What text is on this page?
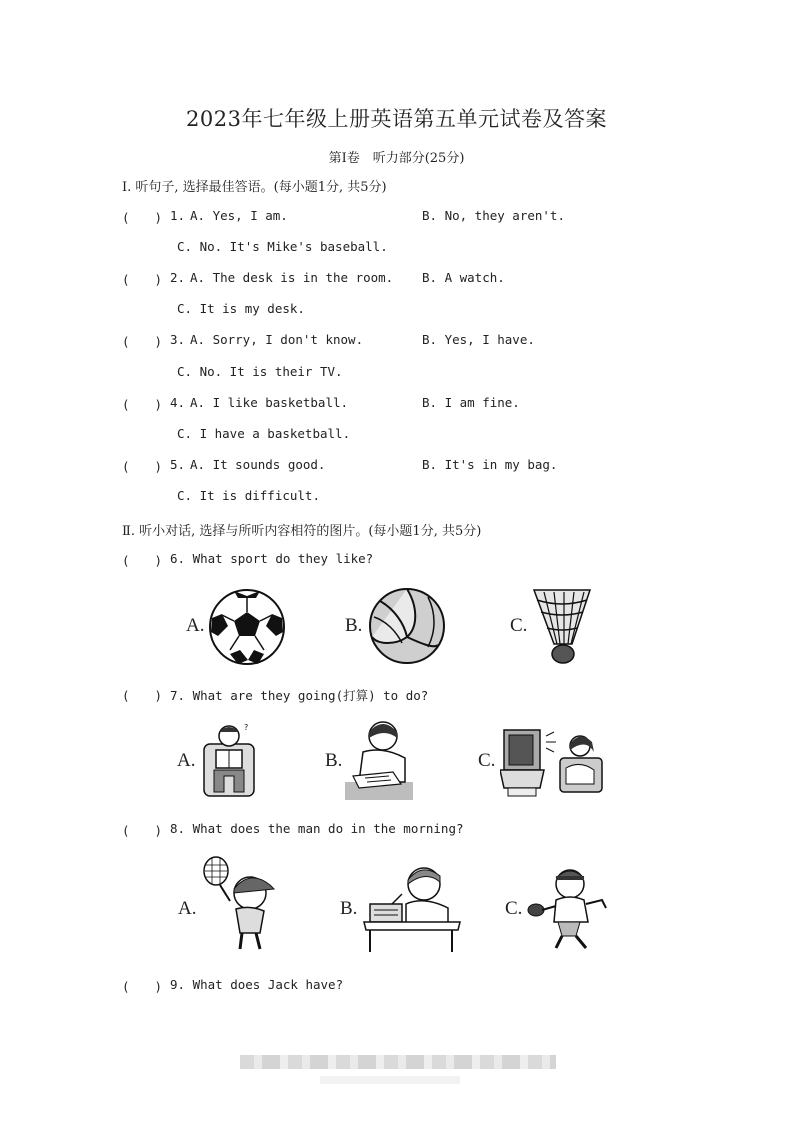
2023年七年级上册英语第五单元试卷及答案
第Ⅰ卷　听力部分(25分)
Ⅰ. 听句子, 选择最佳答语。(每小题1分, 共5分)
(　　) 1. A. Yes, I am.	B. No, they aren't.
C. No. It's Mike's baseball.
(　　) 2. A. The desk is in the room. B. A watch.
C. It is my desk.
(　　) 3. A. Sorry, I don't know.	B. Yes, I have.
C. No. It is their TV.
(　　) 4. A. I like basketball.	B. I am fine.
C. I have a basketball.
(　　) 5. A. It sounds good.	B. It's in my bag.
C. It is difficult.
Ⅱ. 听小对话, 选择与所听内容相符的图片。(每小题1分, 共5分)
(　　) 6. What sport do they like?
A.	B.	C.
(　　) 7. What are they going(打算) to do?
A.
?
B.	C.
(　　) 8. What does the man do in the morning?
A.	B.	C.
(　　) 9. What does Jack have?
